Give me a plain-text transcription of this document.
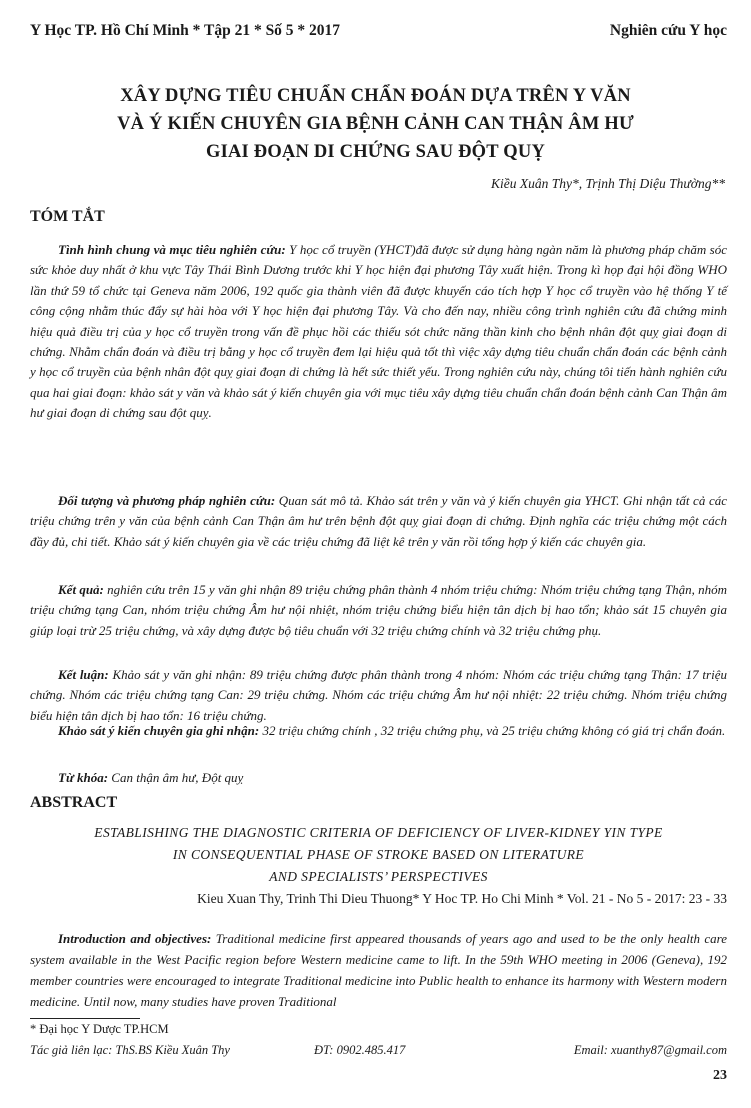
Y Học TP. Hồ Chí Minh * Tập 21 * Số 5 * 2017	Nghiên cứu Y học
XÂY DỰNG TIÊU CHUẨN CHẨN ĐOÁN DỰA TRÊN Y VĂN
VÀ Ý KIẾN CHUYÊN GIA BỆNH CẢNH CAN THẬN ÂM HƯ
GIAI ĐOẠN DI CHỨNG SAU ĐỘT QUỴ
Kiều Xuân Thy*, Trịnh Thị Diệu Thường**
TÓM TẮT
Tình hình chung và mục tiêu nghiên cứu: Y học cổ truyền (YHCT)đã được sử dụng hàng ngàn năm là phương pháp chăm sóc sức khỏe duy nhất ở khu vực Tây Thái Bình Dương trước khi Y học hiện đại phương Tây xuất hiện. Trong kì họp đại hội đồng WHO lần thứ 59 tổ chức tại Geneva năm 2006, 192 quốc gia thành viên đã được khuyến cáo tích hợp Y học cổ truyền vào hệ thống Y tế công cộng nhằm thúc đẩy sự hài hòa với Y học hiện đại phương Tây. Và cho đến nay, nhiều công trình nghiên cứu đã chứng minh hiệu quả điều trị của y học cổ truyền trong vấn đề phục hồi các thiếu sót chức năng thần kinh cho bệnh nhân đột quỵ giai đoạn di chứng. Nhằm chẩn đoán và điều trị bằng y học cổ truyền đem lại hiệu quả tốt thì việc xây dựng tiêu chuẩn chẩn đoán các bệnh cảnh y học cổ truyền của bệnh nhân đột quỵ giai đoạn di chứng là hết sức thiết yếu. Trong nghiên cứu này, chúng tôi tiến hành nghiên cứu qua hai giai đoạn: khảo sát y văn và khảo sát ý kiến chuyên gia với mục tiêu xây dựng tiêu chuẩn chẩn đoán bệnh cảnh Can Thận âm hư giai đoạn di chứng sau đột quỵ.
Đối tượng và phương pháp nghiên cứu: Quan sát mô tả. Khảo sát trên y văn và ý kiến chuyên gia YHCT. Ghi nhận tất cả các triệu chứng trên y văn của bệnh cảnh Can Thận âm hư trên bệnh đột quỵ giai đoạn di chứng. Định nghĩa các triệu chứng một cách đầy đủ, chi tiết. Khảo sát ý kiến chuyên gia về các triệu chứng đã liệt kê trên y văn rồi tổng hợp ý kiến các chuyên gia.
Kết quả: nghiên cứu trên 15 y văn ghi nhận 89 triệu chứng phân thành 4 nhóm triệu chứng: Nhóm triệu chứng tạng Thận, nhóm triệu chứng tạng Can, nhóm triệu chứng Âm hư nội nhiệt, nhóm triệu chứng biểu hiện tân dịch bị hao tổn; khảo sát 15 chuyên gia giúp loại trừ 25 triệu chứng, và xây dựng được bộ tiêu chuẩn với 32 triệu chứng chính và 32 triệu chứng phụ.
Kết luận: Khảo sát y văn ghi nhận: 89 triệu chứng được phân thành trong 4 nhóm: Nhóm các triệu chứng tạng Thận: 17 triệu chứng. Nhóm các triệu chứng tạng Can: 29 triệu chứng. Nhóm các triệu chứng Âm hư nội nhiệt: 22 triệu chứng. Nhóm triệu chứng biểu hiện tân dịch bị hao tổn: 16 triệu chứng.
Khảo sát ý kiến chuyên gia ghi nhận: 32 triệu chứng chính , 32 triệu chứng phụ, và 25 triệu chứng không có giá trị chẩn đoán.
Từ khóa: Can thận âm hư, Đột quỵ
ABSTRACT
ESTABLISHING THE DIAGNOSTIC CRITERIA OF DEFICIENCY OF LIVER-KIDNEY YIN TYPE
IN CONSEQUENTIAL PHASE OF STROKE BASED ON LITERATURE
AND SPECIALISTS’ PERSPECTIVES
Kieu Xuan Thy, Trinh Thi Dieu Thuong* Y Hoc TP. Ho Chi Minh * Vol. 21 - No 5 - 2017: 23 - 33
Introduction and objectives: Traditional medicine first appeared thousands of years ago and used to be the only health care system available in the West Pacific region before Western medicine came to lift. In the 59th WHO meeting in 2006 (Geneva), 192 member countries were encouraged to integrate Traditional medicine into Public health to enhance its harmony with Western modern medicine. Until now, many studies have proven Traditional
* Đại học Y Dược TP.HCM
Tác giả liên lạc: ThS.BS Kiều Xuân Thy	ĐT: 0902.485.417	Email: xuanthy87@gmail.com
23
